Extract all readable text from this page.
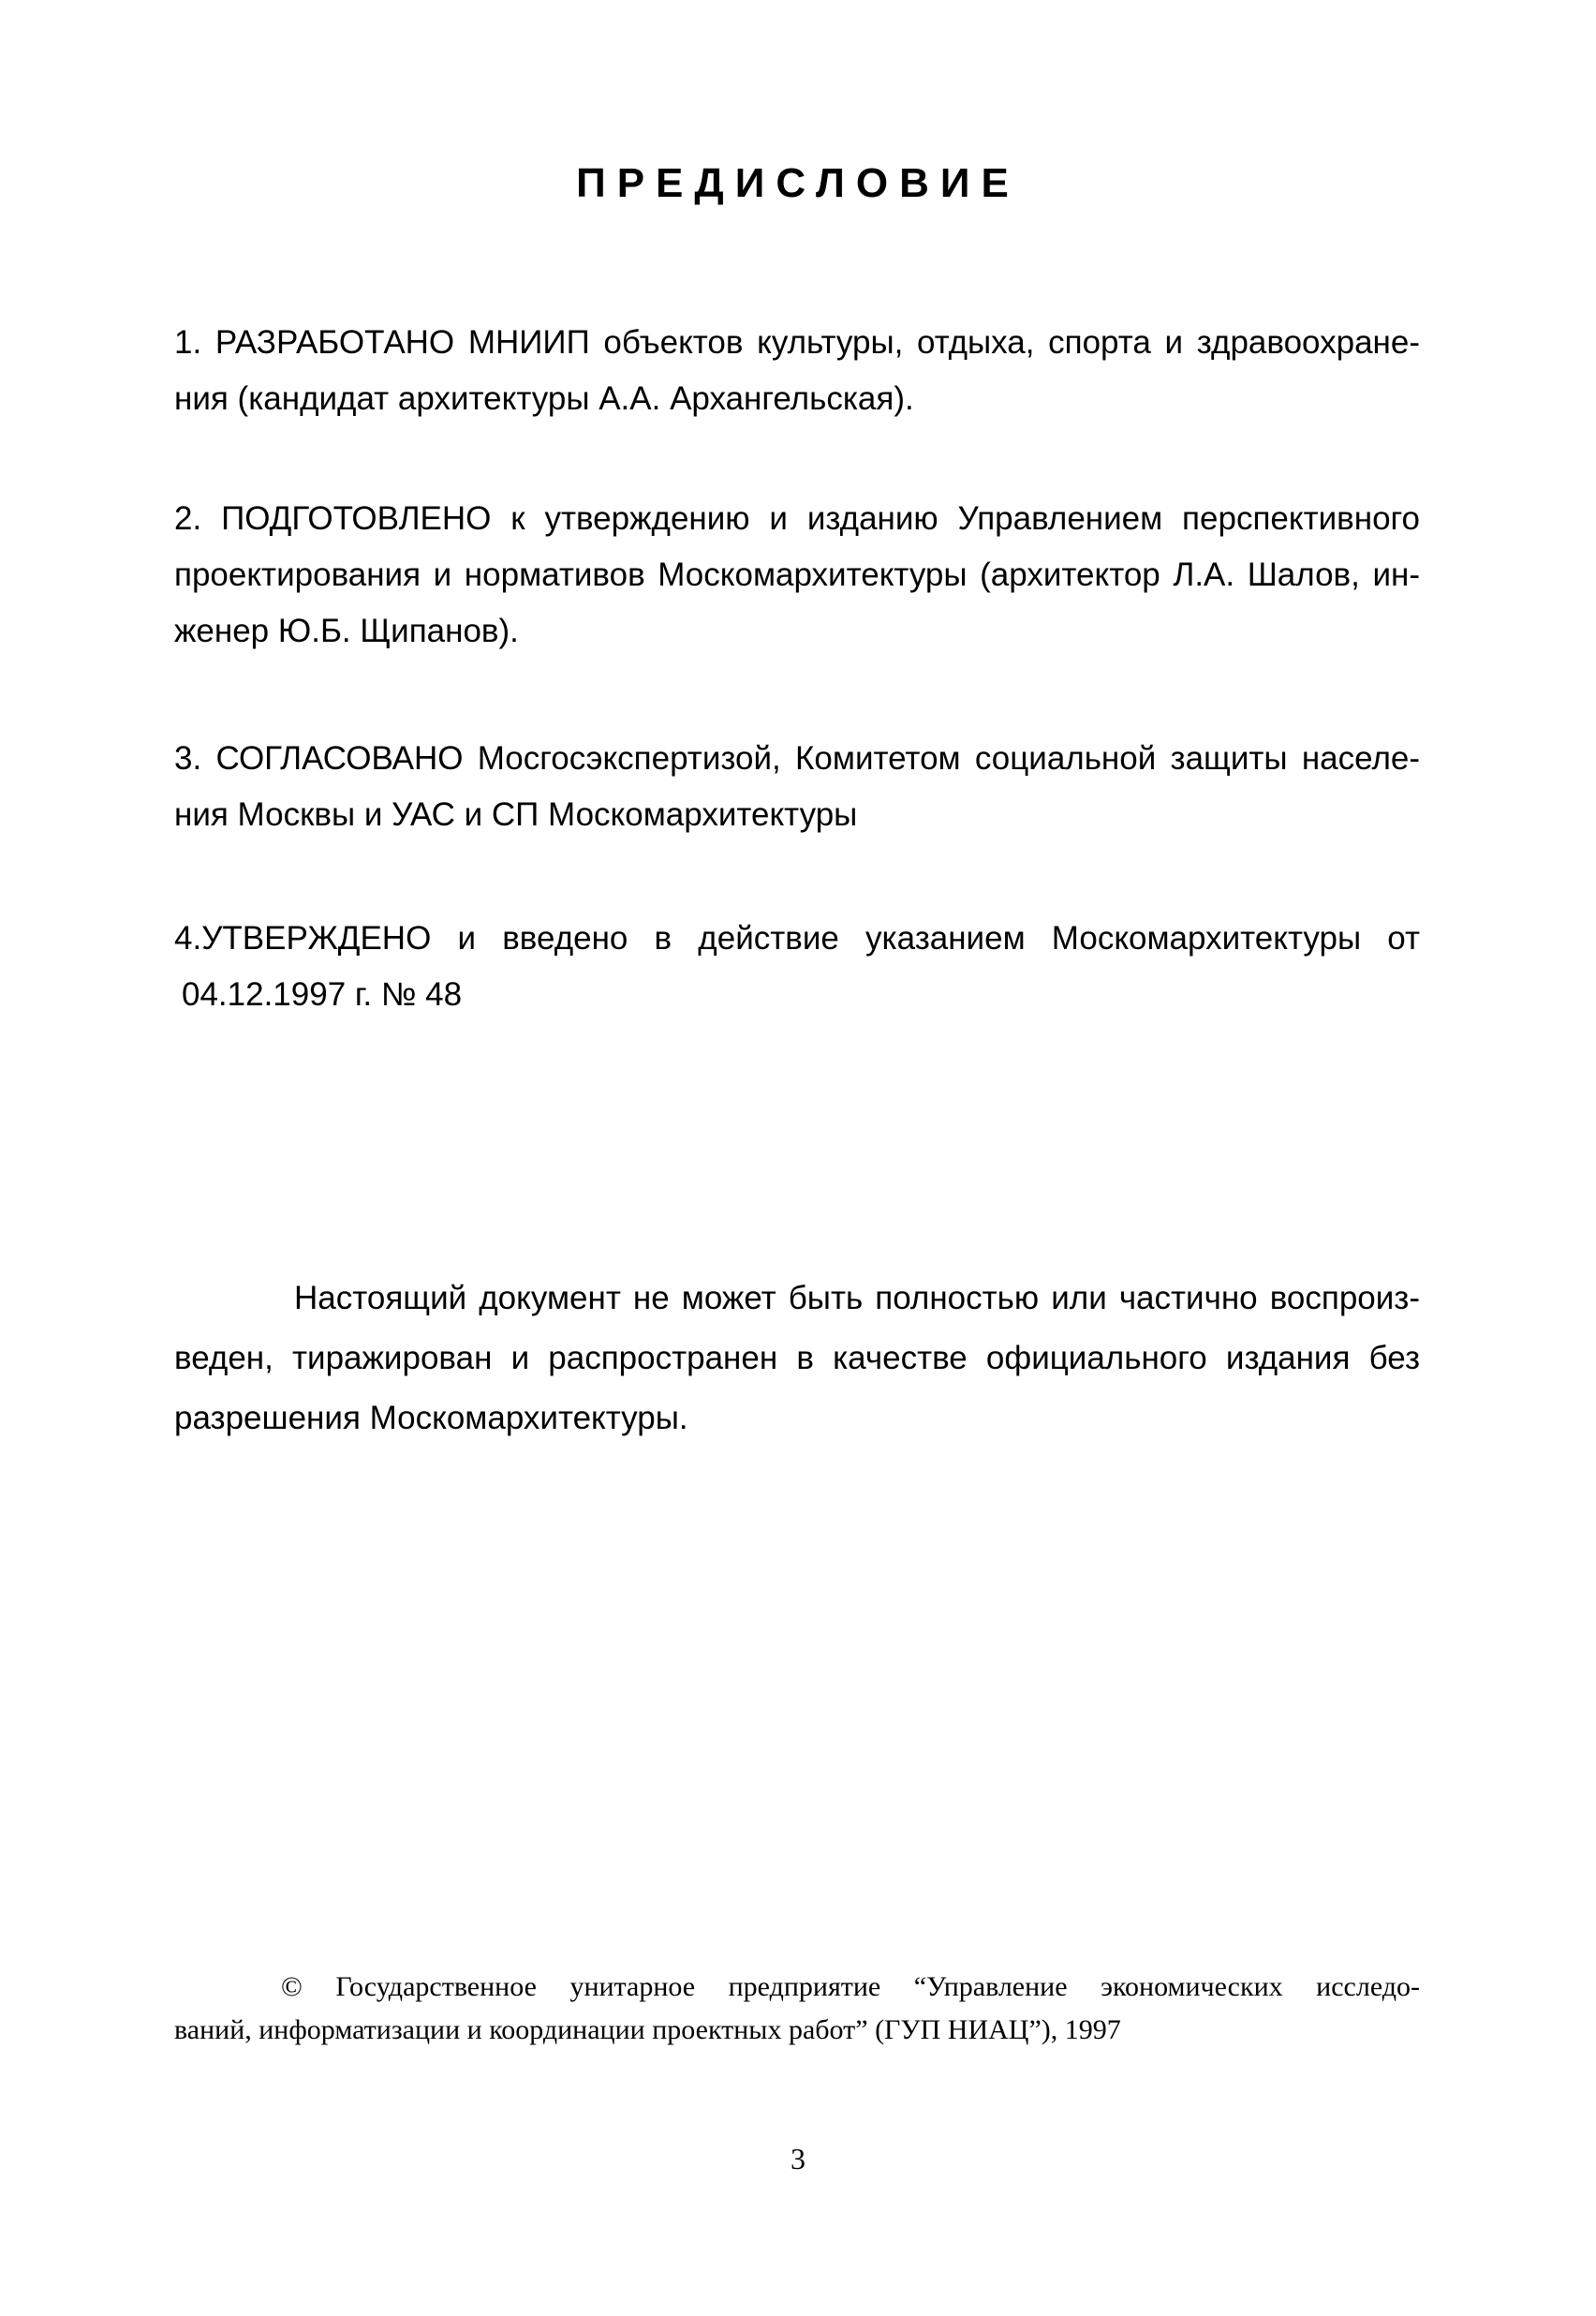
ПРЕДИСЛОВИЕ
1. РАЗРАБОТАНО МНИИП объектов культуры, отдыха, спорта и здравоохране-
ния (кандидат архитектуры А.А. Архангельская).
2. ПОДГОТОВЛЕНО к утверждению и изданию Управлением перспективного
проектирования и нормативов Москомархитектуры (архитектор Л.А. Шалов, ин-
женер Ю.Б. Щипанов).
3. СОГЛАСОВАНО Мосгосэкспертизой, Комитетом социальной защиты населе-
ния Москвы и УАС и СП Москомархитектуры
4.УТВЕРЖДЕНО и введено в действие указанием Москомархитектуры от
04.12.1997 г. № 48
Настоящий документ не может быть полностью или частично воспроиз-
веден, тиражирован и распространен в качестве официального издания без
разрешения Москомархитектуры.
© Государственное унитарное предприятие “Управление экономических исследо-
ваний, информатизации и координации проектных работ” (ГУП НИАЦ”), 1997
3
